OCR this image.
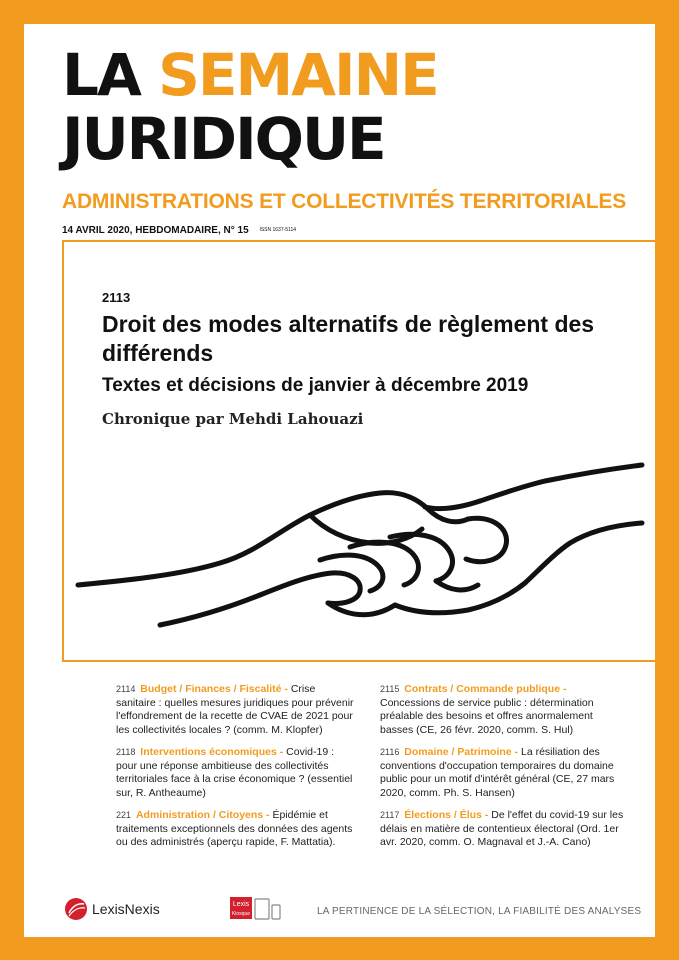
LA SEMAINE
JURIDIQUE
ADMINISTRATIONS ET COLLECTIVITÉS TERRITORIALES
14 AVRIL 2020, HEBDOMADAIRE, N° 15 ISSN 1637-5114
2113
Droit des modes alternatifs de règlement des différends
Textes et décisions de janvier à décembre 2019
Chronique par Mehdi Lahouazi
2114 Budget / Finances / Fiscalité - Crise sanitaire : quelles mesures juridiques pour prévenir l'effondrement de la recette de CVAE de 2021 pour les collectivités locales ? (comm. M. Klopfer)
2118 Interventions économiques - Covid-19 : pour une réponse ambitieuse des collectivités territoriales face à la crise économique ? (essentiel sur, R. Antheaume)
221 Administration / Citoyens - Épidémie et traitements exceptionnels des données des agents ou des administrés (aperçu rapide, F. Mattatia).
2115 Contrats / Commande publique - Concessions de service public : détermination préalable des besoins et offres anormalement basses (CE, 26 févr. 2020, comm. S. Hul)
2116 Domaine / Patrimoine - La résiliation des conventions d'occupation temporaires du domaine public pour un motif d'intérêt général (CE, 27 mars 2020, comm. Ph. S. Hansen)
2117 Élections / Élus - De l'effet du covid-19 sur les délais en matière de contentieux électoral (Ord. 1er avr. 2020, comm. O. Magnaval et J.-A. Cano)
LexisNexis	Lexis
Kiosque	LA PERTINENCE DE LA SÉLECTION, LA FIABILITÉ DES ANALYSES
